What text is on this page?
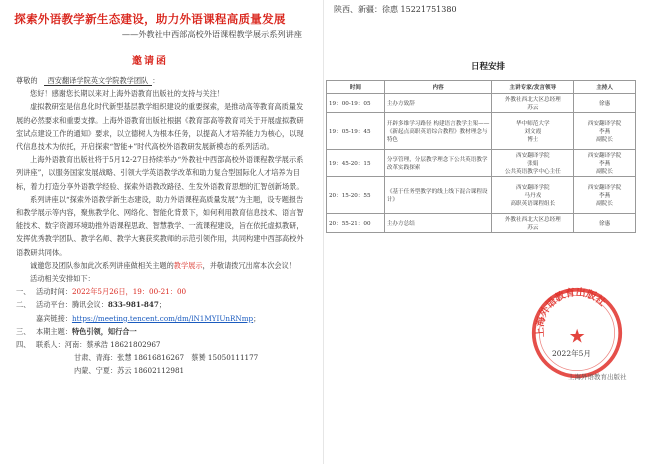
探索外语教学新生态建设，助力外语课程高质量发展
——外教社中西部高校外语课程教学展示系列讲座
邀请函

尊敬的 西安翻译学院英文学院教学团队 ：

您好！感谢您长期以来对上海外语教育出版社的支持与关注！

虚拟教研室是信息化时代新型基层教学组织建设的重要探索，是推动高等教育高质量发展的必然要求和重要支撑。上海外语教育出版社根据《教育部高等教育司关于开展虚拟教研室试点建设工作的通知》要求，以立德树人为根本任务，以提高人才培养能力为核心，以现代信息技术为依托，开启探索“智能+”时代高校外语教研发展新模态的系列活动。

上海外语教育出版社将于5月12-27日持续举办“外教社中西部高校外语课程教学展示系列讲座”，以服务国家发展战略、引领大学英语教学改革和助力复合型国际化人才培养为目标，着力打造分享外语教学经验、探索外语教改路径、生发外语教育思想的汇智创新场景。

系列讲座以“探索外语教学新生态建设，助力外语课程高质量发展”为主题，设专题报告和教学展示等内容，聚焦教学化、网络化、智能化背景下，如何利用教育信息技术、语言智能技术、数字资源环境助推外语课程思政、智慧教学、一流课程建设，旨在依托虚拟教研，发挥优秀教学团队、教学名师、教学大赛获奖教师的示范引领作用，共同构建中西部高校外语教研共同体。

诚邀您及团队参加此次系列讲座做相关主题的教学展示，并敬请拨冗出席本次会议！

活动相关安排如下：

一、 活动时间：2022年5月26日，19：00-21：00

二、 活动平台：腾讯会议：833-981-847；

嘉宾链接：https://meeting.tencent.com/dm/lN1MYIUnRNmp；

三、 本期主题：特色引领，知行合一

四、 联系人：河南：蔡承浩 18621802967

甘肃、青海：张慧 18616816267　蔡赟 15050111177

内蒙、宁夏：苏云 18602112981

陕西、新疆：徐惠 15221751380
日程安排
时间	内容	主讲专家/发言领导	主持人
19：00-19：05	主办方致辞	外教社西北大区总经理
苏云	徐惠
19：05-19：45	开辟多维学习路径 构建语言教学主架——《新起点高职英语综合教程》教材理念与特色	华中师范大学
刘文霞
博士	西安翻译学院
李燕
副院长
19：45-20：15	分享管理，分层教学理念下公共英语教学改革实践探索	西安翻译学院
张娟
公共英语教学中心主任	西安翻译学院
李燕
副院长
20：15-20：55	《基于任务型教学的线上线下混合课程设计》	西安翻译学院
马丹戎
高职英语课程组长	西安翻译学院
李燕
副院长
20：55-21：00	主办方总结	外教社西北大区总经理
苏云	徐惠
上海外语教育出版社
★
2022年5月
上海外语教育出版社
